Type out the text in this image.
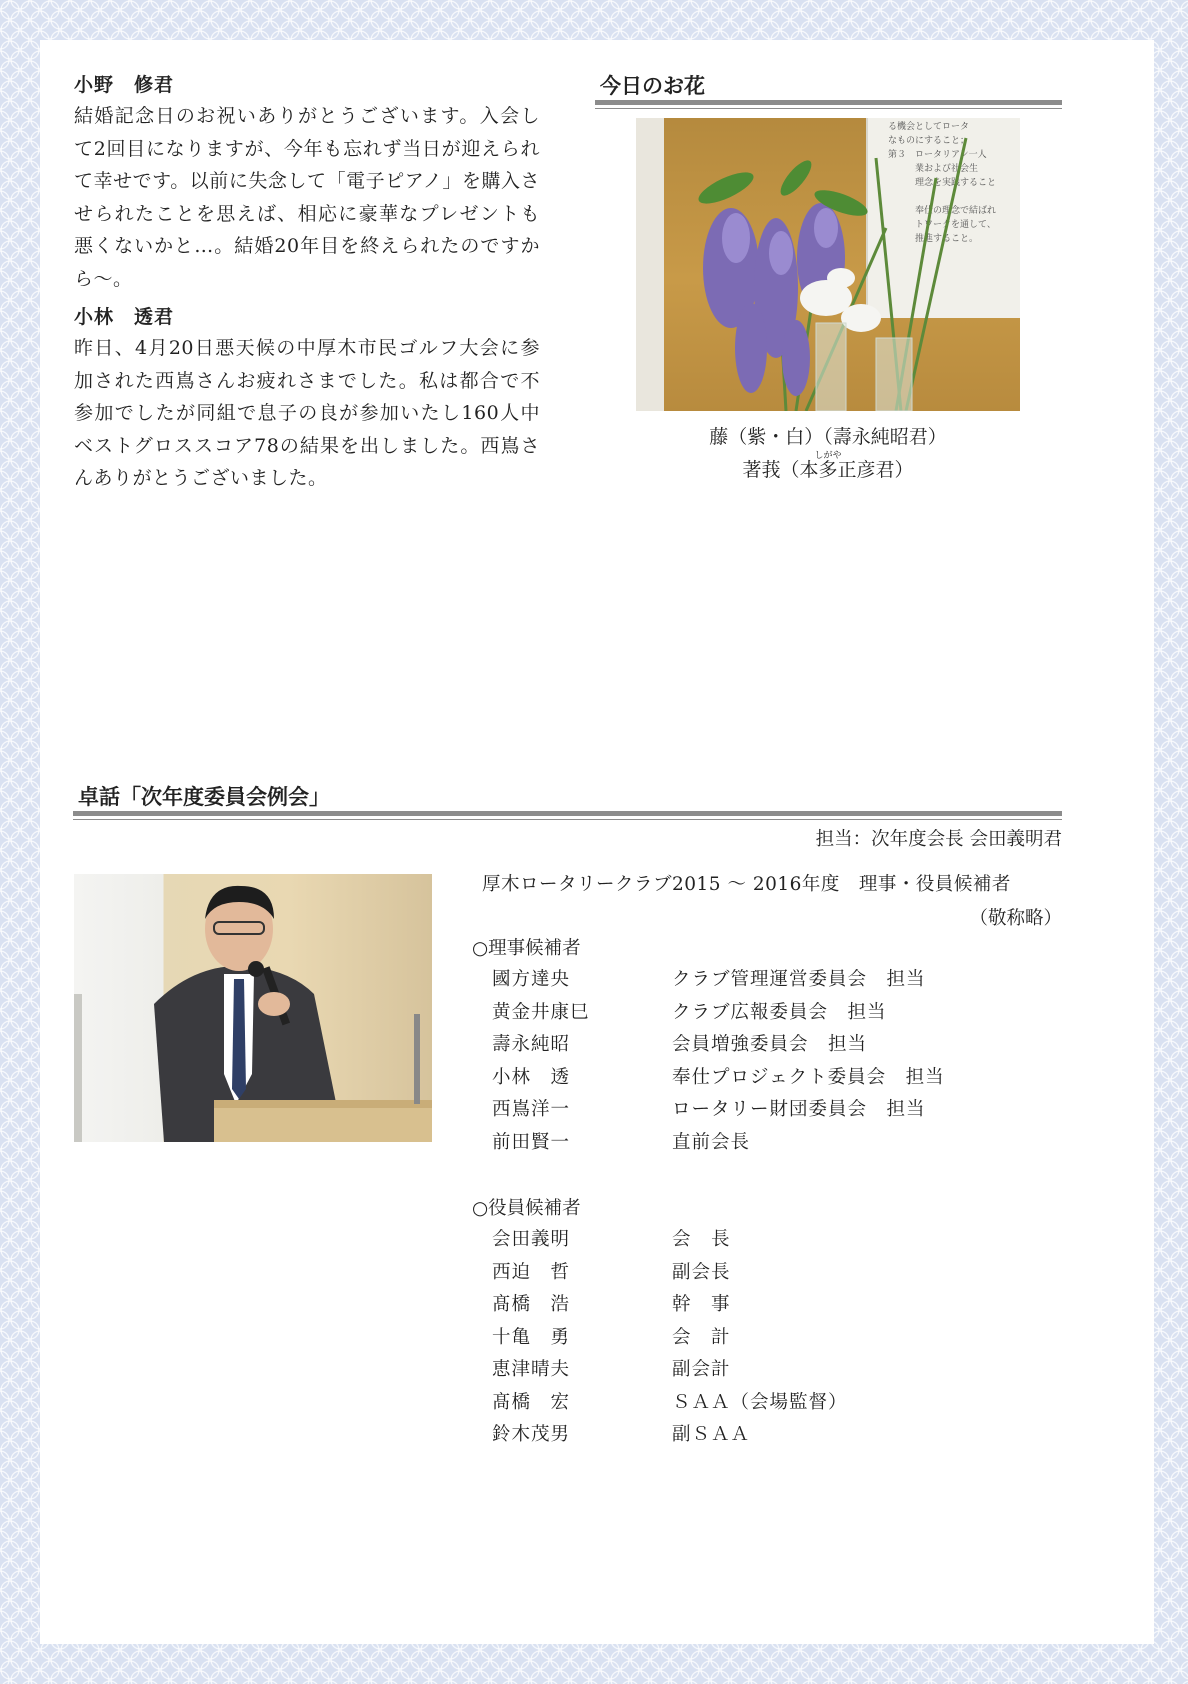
小野　修君
結婚記念日のお祝いありがとうございます。入会して2回目になりますが、今年も忘れず当日が迎えられて幸せです。以前に失念して「電子ピアノ」を購入させられたことを思えば、相応に豪華なプレゼントも悪くないかと…。結婚20年目を終えられたのですから～。
小林　透君
昨日、4月20日悪天候の中厚木市民ゴルフ大会に参加された西嶌さんお疲れさまでした。私は都合で不参加でしたが同組で息子の良が参加いたし160人中ベストグロススコア78の結果を出しました。西嶌さんありがとうございました。
今日のお花
る機会としてロータ
なものにすること；
第３　ロータリアン一人
　　　業および社会生
　　　理念を実践すること

　　　奉仕の理念で結ばれ
　　　トワークを通して、
　　　推進すること。
藤（紫・白）（壽永純昭君）
しがや
著莪（本多正彦君）
卓話「次年度委員会例会」
担当：次年度会長 会田義明君
厚木ロータリークラブ2015 ～ 2016年度　理事・役員候補者
（敬称略）
○理事候補者
國方達央	クラブ管理運営委員会　担当
黄金井康巳	クラブ広報委員会　担当
壽永純昭	会員増強委員会　担当
小林　透	奉仕プロジェクト委員会　担当
西嶌洋一	ロータリー財団委員会　担当
前田賢一	直前会長
○役員候補者
会田義明	会　長
西迫　哲	副会長
髙橋　浩	幹　事
十亀　勇	会　計
恵津晴夫	副会計
髙橋　宏	ＳＡＡ（会場監督）
鈴木茂男	副ＳＡＡ
